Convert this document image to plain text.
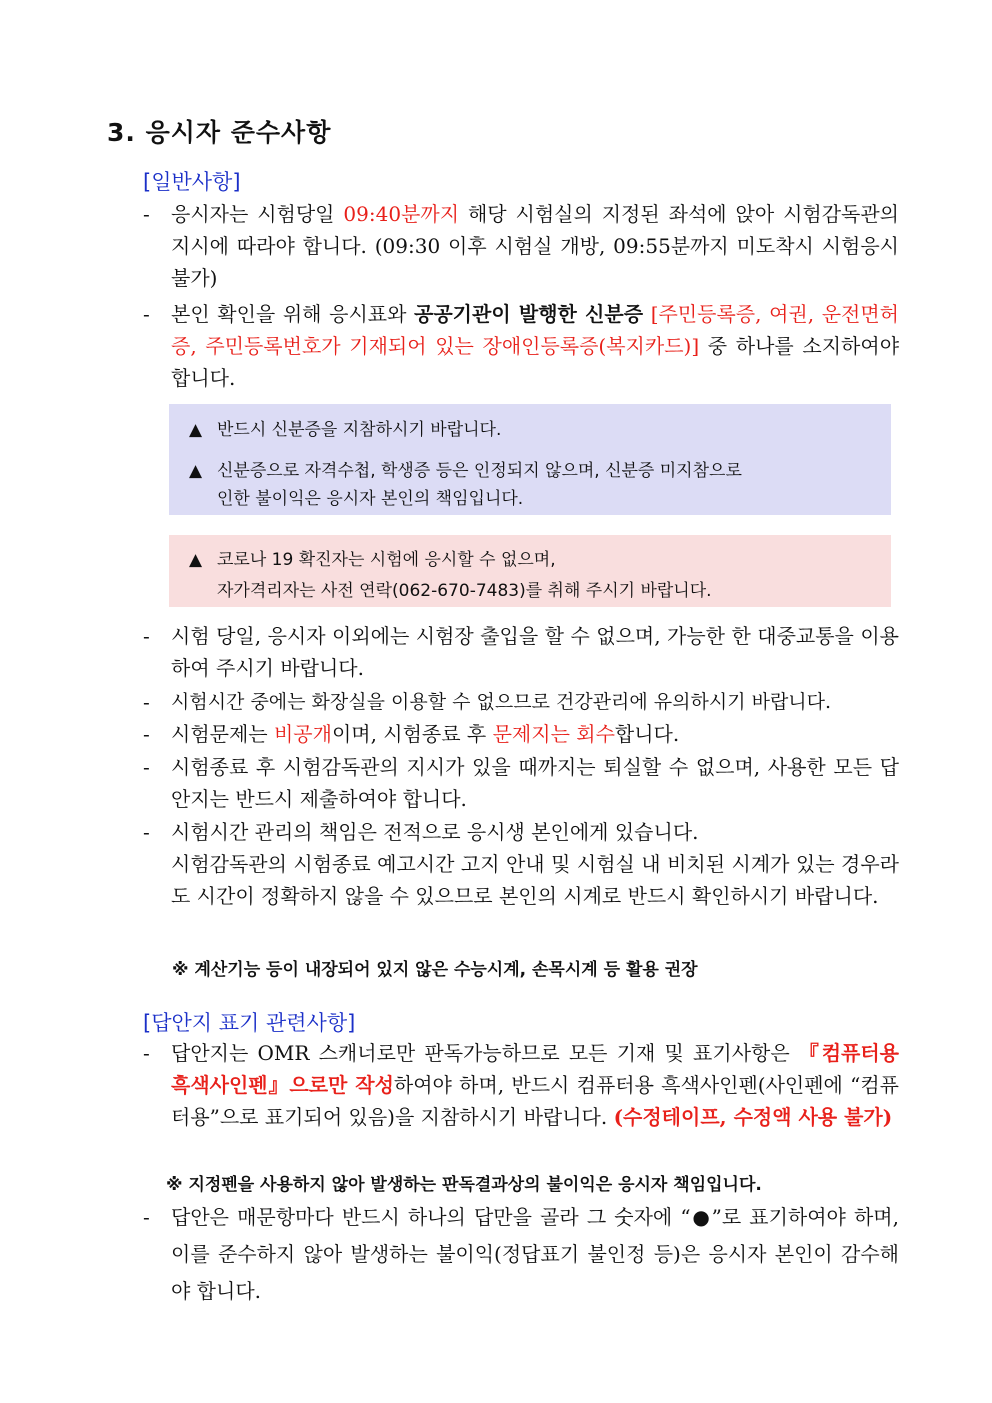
3. 응시자 준수사항
[일반사항]
-	응시자는 시험당일 09:40분까지 해당 시험실의 지정된 좌석에 앉아 시험감독관의 지시에 따라야 합니다. (09:30 이후 시험실 개방, 09:55분까지 미도착시 시험응시 불가)
-	본인 확인을 위해 응시표와 공공기관이 발행한 신분증 [주민등록증, 여권, 운전면허증, 주민등록번호가 기재되어 있는 장애인등록증(복지카드)] 중 하나를 소지하여야 합니다.
▲ 반드시 신분증을 지참하시기 바랍니다.
▲ 신분증으로 자격수첩, 학생증 등은 인정되지 않으며, 신분증 미지참으로
인한 불이익은 응시자 본인의 책임입니다.
▲ 코로나 19 확진자는 시험에 응시할 수 없으며,
자가격리자는 사전 연락(062-670-7483)를 취해 주시기 바랍니다.
-	시험 당일, 응시자 이외에는 시험장 출입을 할 수 없으며, 가능한 한 대중교통을 이용하여 주시기 바랍니다.
-	시험시간 중에는 화장실을 이용할 수 없으므로 건강관리에 유의하시기 바랍니다.
-	시험문제는 비공개이며, 시험종료 후 문제지는 회수합니다.
-	시험종료 후 시험감독관의 지시가 있을 때까지는 퇴실할 수 없으며, 사용한 모든 답안지는 반드시 제출하여야 합니다.
-	시험시간 관리의 책임은 전적으로 응시생 본인에게 있습니다.
시험감독관의 시험종료 예고시간 고지 안내 및 시험실 내 비치된 시계가 있는 경우라도 시간이 정확하지 않을 수 있으므로 본인의 시계로 반드시 확인하시기 바랍니다.
※ 계산기능 등이 내장되어 있지 않은 수능시계, 손목시계 등 활용 권장
[답안지 표기 관련사항]
-	답안지는 OMR 스캐너로만 판독가능하므로 모든 기재 및 표기사항은 『컴퓨터용 흑색사인펜』으로만 작성하여야 하며, 반드시 컴퓨터용 흑색사인펜(사인펜에 “컴퓨터용”으로 표기되어 있음)을 지참하시기 바랍니다. (수정테이프, 수정액 사용 불가)
※ 지정펜을 사용하지 않아 발생하는 판독결과상의 불이익은 응시자 책임입니다.
-	답안은 매문항마다 반드시 하나의 답만을 골라 그 숫자에 “●”로 표기하여야 하며, 이를 준수하지 않아 발생하는 불이익(정답표기 불인정 등)은 응시자 본인이 감수해야 합니다.
